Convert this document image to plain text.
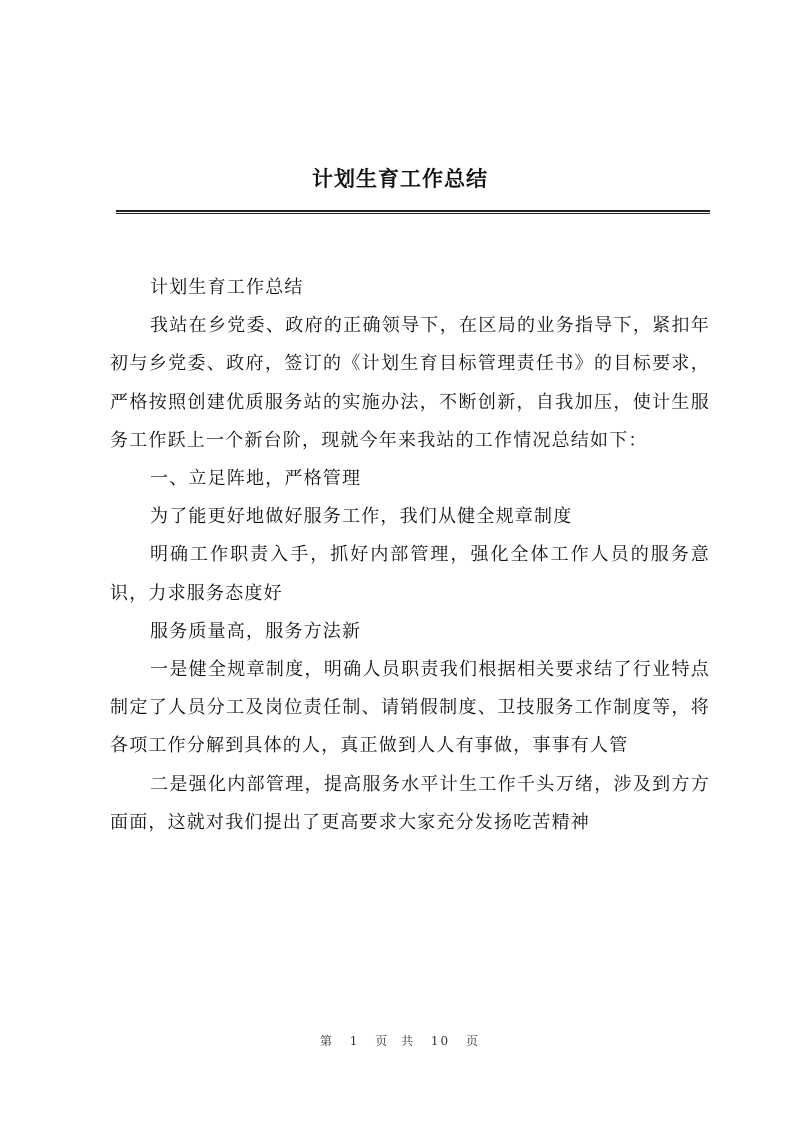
计划生育工作总结

计划生育工作总结

我站在乡党委、政府的正确领导下，在区局的业务指导下，紧扣年初与乡党委、政府，签订的《计划生育目标管理责任书》的目标要求，严格按照创建优质服务站的实施办法，不断创新，自我加压，使计生服务工作跃上一个新台阶，现就今年来我站的工作情况总结如下：

一、立足阵地，严格管理

为了能更好地做好服务工作，我们从健全规章制度

明确工作职责入手，抓好内部管理，强化全体工作人员的服务意识，力求服务态度好

服务质量高，服务方法新

一是健全规章制度，明确人员职责我们根据相关要求结了行业特点制定了人员分工及岗位责任制、请销假制度、卫技服务工作制度等，将各项工作分解到具体的人，真正做到人人有事做，事事有人管

二是强化内部管理，提高服务水平计生工作千头万绪，涉及到方方面面，这就对我们提出了更高要求大家充分发扬吃苦精神

第 1 页 共 10 页
